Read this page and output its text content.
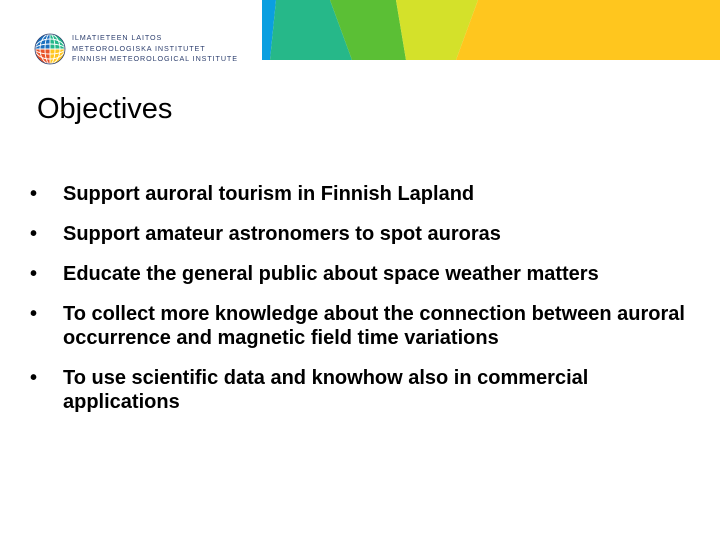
ILMATIETEEN LAITOS
METEOROLOGISKA INSTITUTET
FINNISH METEOROLOGICAL INSTITUTE
Objectives
• Support auroral tourism in Finnish Lapland
• Support amateur astronomers to spot auroras
• Educate the general public about space weather matters
• To collect more knowledge about the connection between auroral occurrence and magnetic field time variations
• To use scientific data and knowhow also in commercial applications
